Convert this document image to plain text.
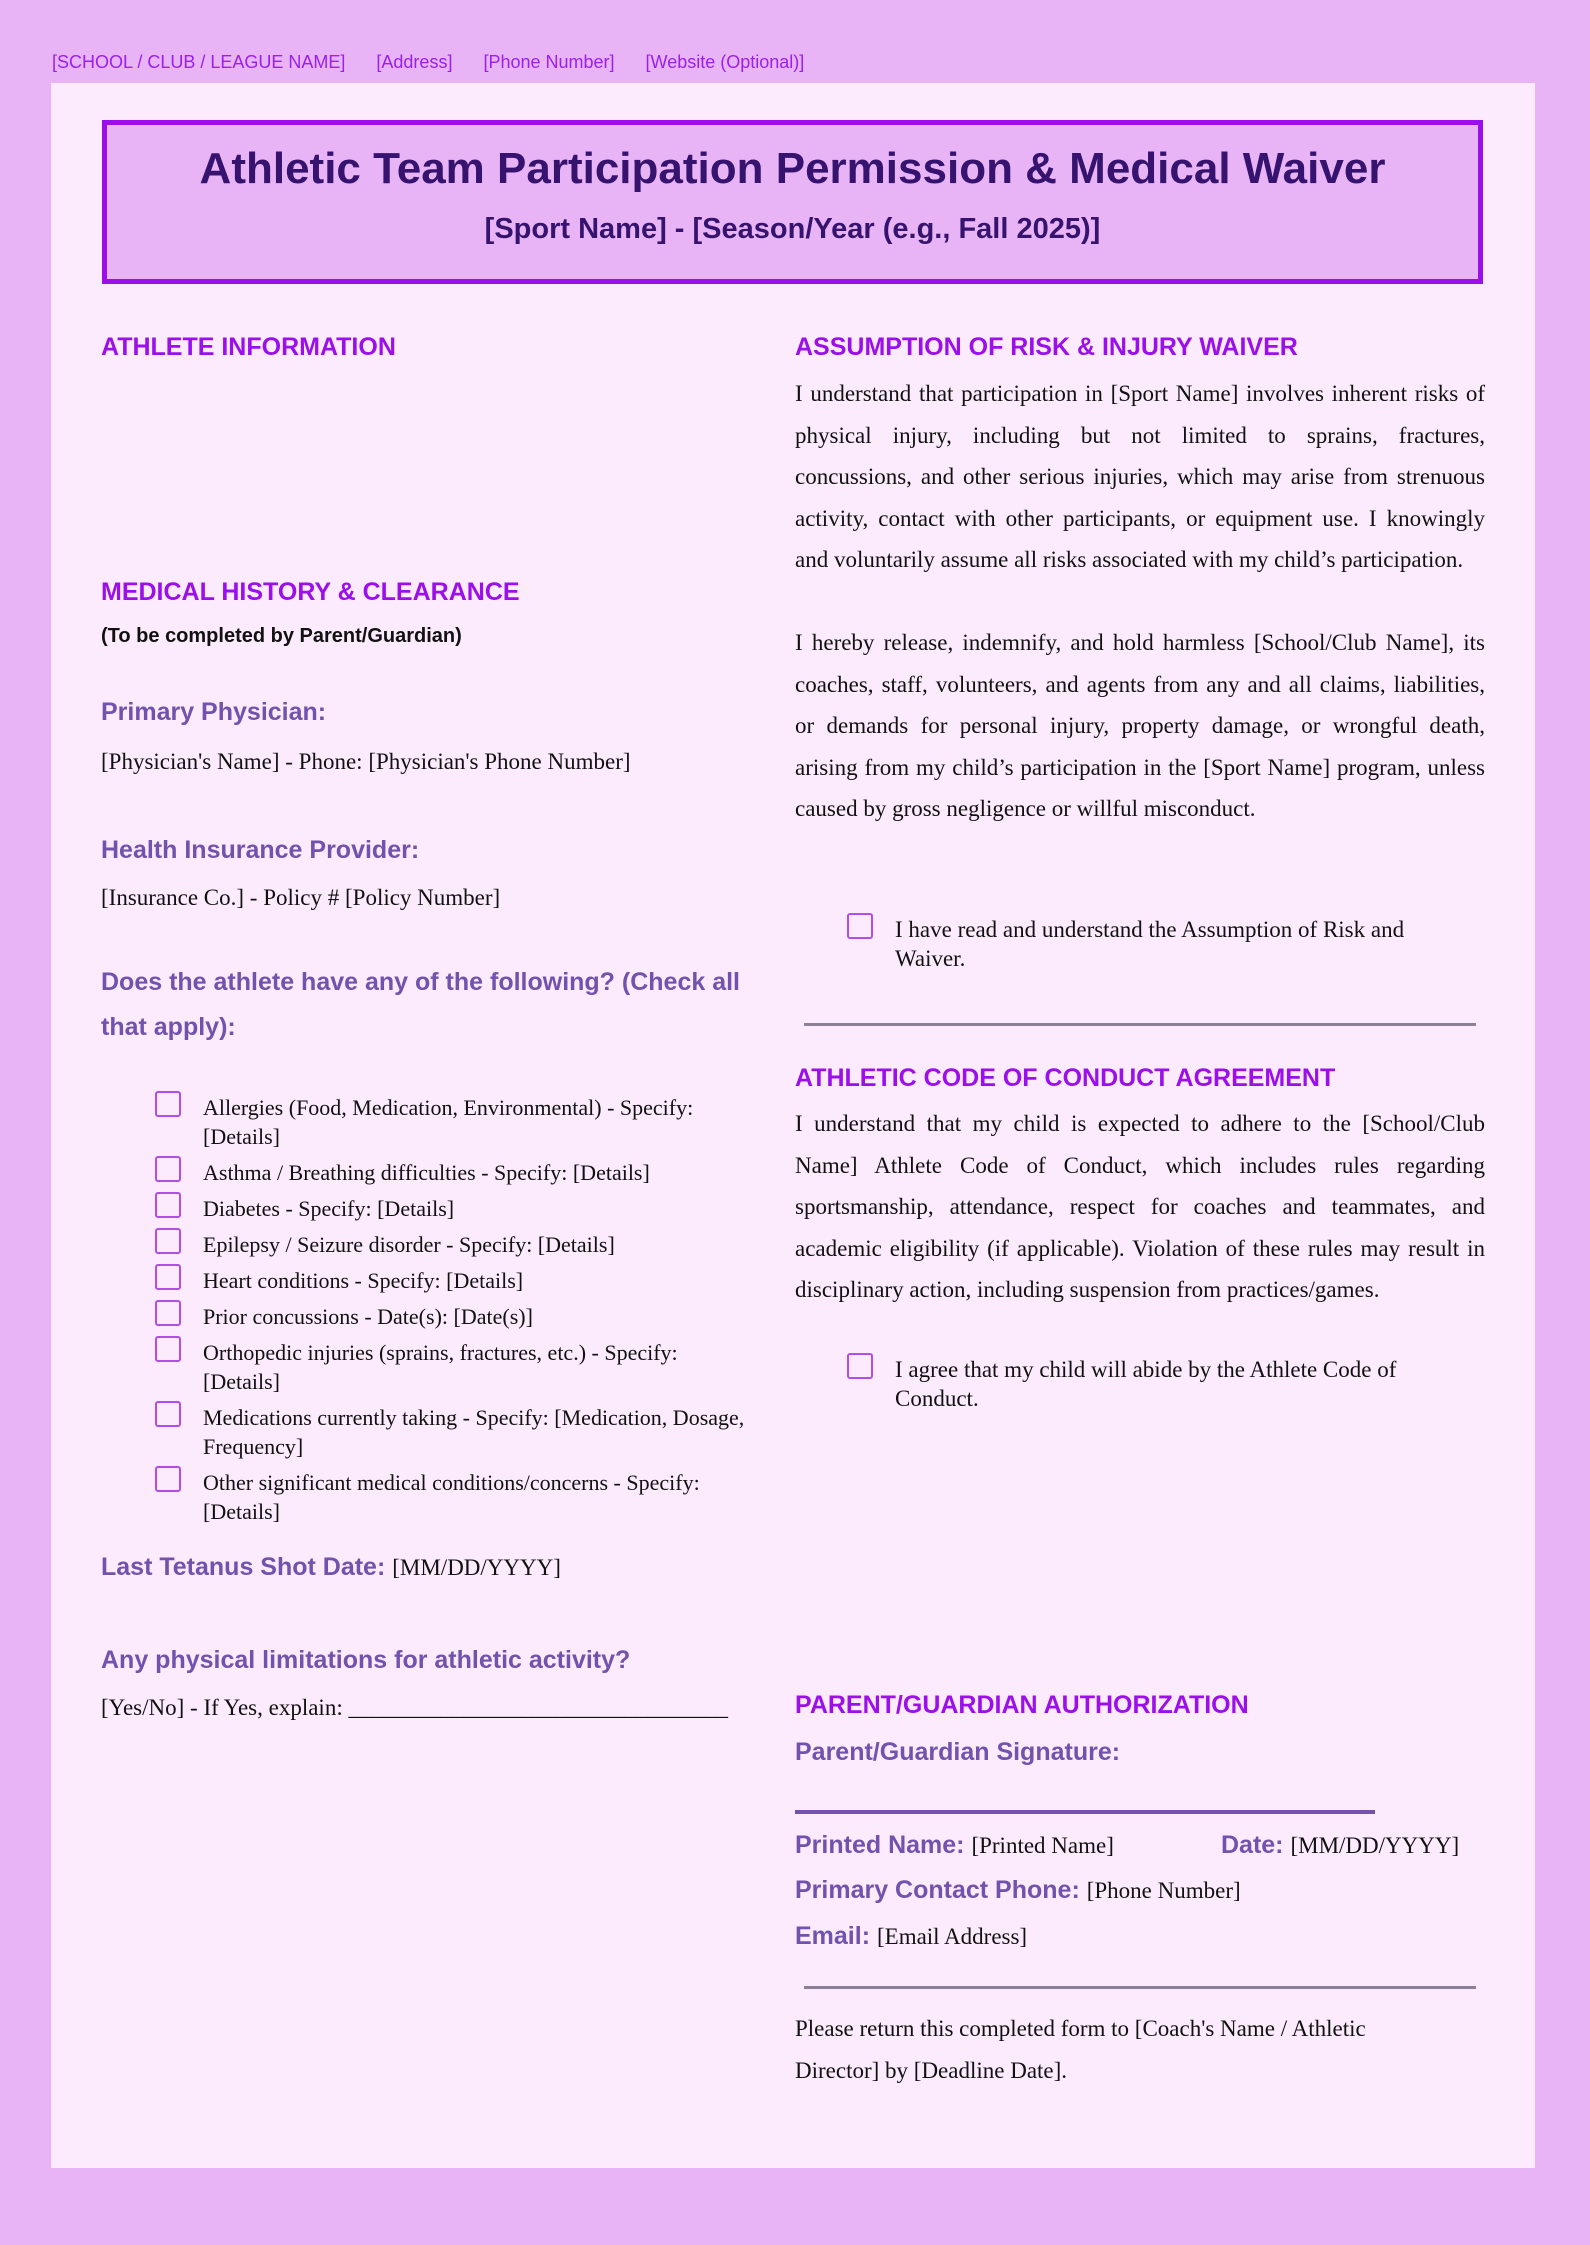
[SCHOOL / CLUB / LEAGUE NAME] [Address] [Phone Number] [Website (Optional)]
Athletic Team Participation Permission & Medical Waiver
[Sport Name] - [Season/Year (e.g., Fall 2025)]
ATHLETE INFORMATION
MEDICAL HISTORY & CLEARANCE
(To be completed by Parent/Guardian)
Primary Physician:
[Physician's Name] - Phone: [Physician's Phone Number]
Health Insurance Provider:
[Insurance Co.] - Policy # [Policy Number]
Does the athlete have any of the following? (Check all that apply):
Allergies (Food, Medication, Environmental) - Specify: [Details]
Asthma / Breathing difficulties - Specify: [Details]
Diabetes - Specify: [Details]
Epilepsy / Seizure disorder - Specify: [Details]
Heart conditions - Specify: [Details]
Prior concussions - Date(s): [Date(s)]
Orthopedic injuries (sprains, fractures, etc.) - Specify: [Details]
Medications currently taking - Specify: [Medication, Dosage, Frequency]
Other significant medical conditions/concerns - Specify: [Details]
Last Tetanus Shot Date: [MM/DD/YYYY]
Any physical limitations for athletic activity?
[Yes/No] - If Yes, explain: _________________________________
ASSUMPTION OF RISK & INJURY WAIVER
I understand that participation in [Sport Name] involves inherent risks of physical injury, including but not limited to sprains, fractures, concussions, and other serious injuries, which may arise from strenuous activity, contact with other participants, or equipment use. I knowingly and voluntarily assume all risks associated with my child’s participation.
I hereby release, indemnify, and hold harmless [School/Club Name], its coaches, staff, volunteers, and agents from any and all claims, liabilities, or demands for personal injury, property damage, or wrongful death, arising from my child’s participation in the [Sport Name] program, unless caused by gross negligence or willful misconduct.
I have read and understand the Assumption of Risk and Waiver.
ATHLETIC CODE OF CONDUCT AGREEMENT
I understand that my child is expected to adhere to the [School/Club Name] Athlete Code of Conduct, which includes rules regarding sportsmanship, attendance, respect for coaches and teammates, and academic eligibility (if applicable). Violation of these rules may result in disciplinary action, including suspension from practices/games.
I agree that my child will abide by the Athlete Code of Conduct.
PARENT/GUARDIAN AUTHORIZATION
Parent/Guardian Signature:
Printed Name: [Printed Name]	Date: [MM/DD/YYYY]
Primary Contact Phone: [Phone Number]
Email: [Email Address]
Please return this completed form to [Coach's Name / Athletic Director] by [Deadline Date].
